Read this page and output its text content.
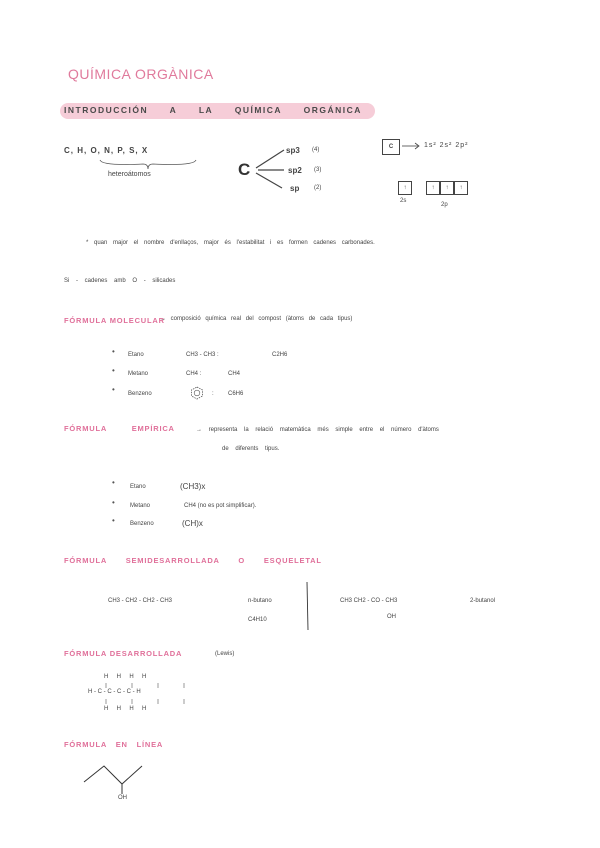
QUÍMICA ORGÀNICA
INTRODUCCIÓN A LA QUÍMICA ORGÁNICA
C, H, O, N, P, S, X
heteroátomos	C
sp3 (4)
sp2 (3)
sp (2)
C	1s² 2s² 2p²
↑	↑	↑	↑
2s
2p
* quan major el nombre d'enllaços, major és l'estabilitat i es formen cadenes carbonades.
Si - cadenes amb O - silicades
FÓRMULA MOLECULAR
→ composició química real del compost (àtoms de cada tipus)
• Etano	CH3 - CH3 :	C2H6
• Metano	CH4 :	CH4
• Benzeno	: C6H6
FÓRMULA EMPÍRICA	→ representa la relació matemàtica més simple entre el número d'àtoms
de diferents tipus.
•	Etano	(CH3)x
•	Metano	CH4 (no es pot simplificar).
•	Benzeno	(CH)x
FÓRMULA SEMIDESARROLLADA O ESQUELETAL
CH3 - CH2 - CH2 - CH3	n-butano
C4H10
CH3 CH2 - CO - CH3
OH
2-butanol
FÓRMULA DESARROLLADA	(Lewis)
H     H     H     H
H - C - C - C - C - H
H     H     H     H
FÓRMULA EN LÍNEA
OH
